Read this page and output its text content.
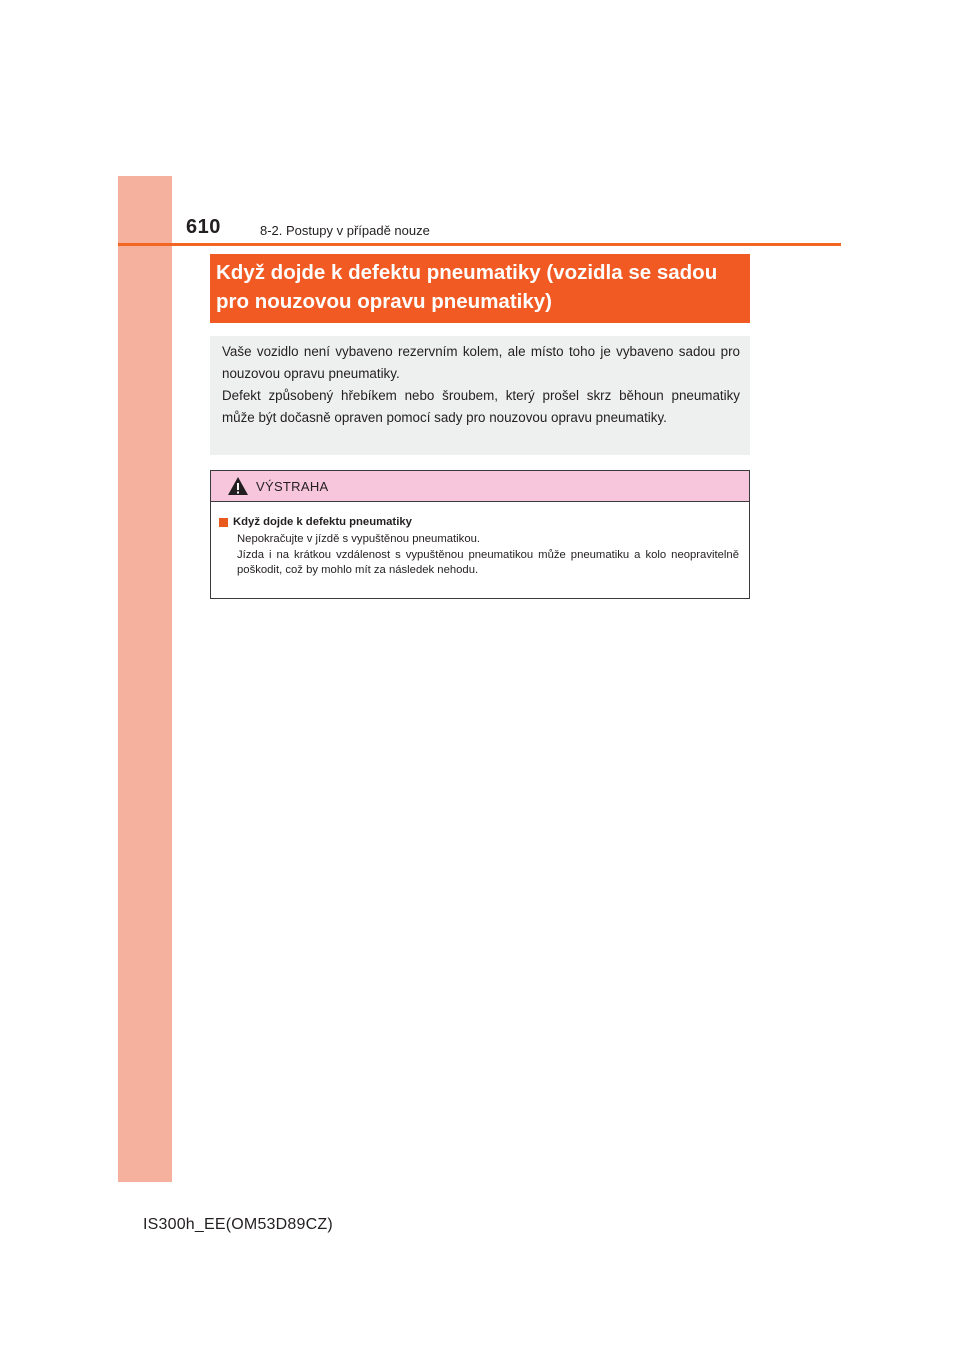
610	8-2. Postupy v případě nouze
Když dojde k defektu pneumatiky (vozidla se sadou
pro nouzovou opravu pneumatiky)

Vaše vozidlo není vybaveno rezervním kolem, ale místo toho je vybaveno sadou pro nouzovou opravu pneumatiky.

Defekt způsobený hřebíkem nebo šroubem, který prošel skrz běhoun pneumatiky může být dočasně opraven pomocí sady pro nouzovou opravu pneumatiky.

VÝSTRAHA
Když dojde k defektu pneumatiky

Nepokračujte v jízdě s vypuštěnou pneumatikou.

Jízda i na krátkou vzdálenost s vypuštěnou pneumatikou může pneumatiku a kolo neopravitelně poškodit, což by mohlo mít za následek nehodu.

IS300h_EE(OM53D89CZ)
